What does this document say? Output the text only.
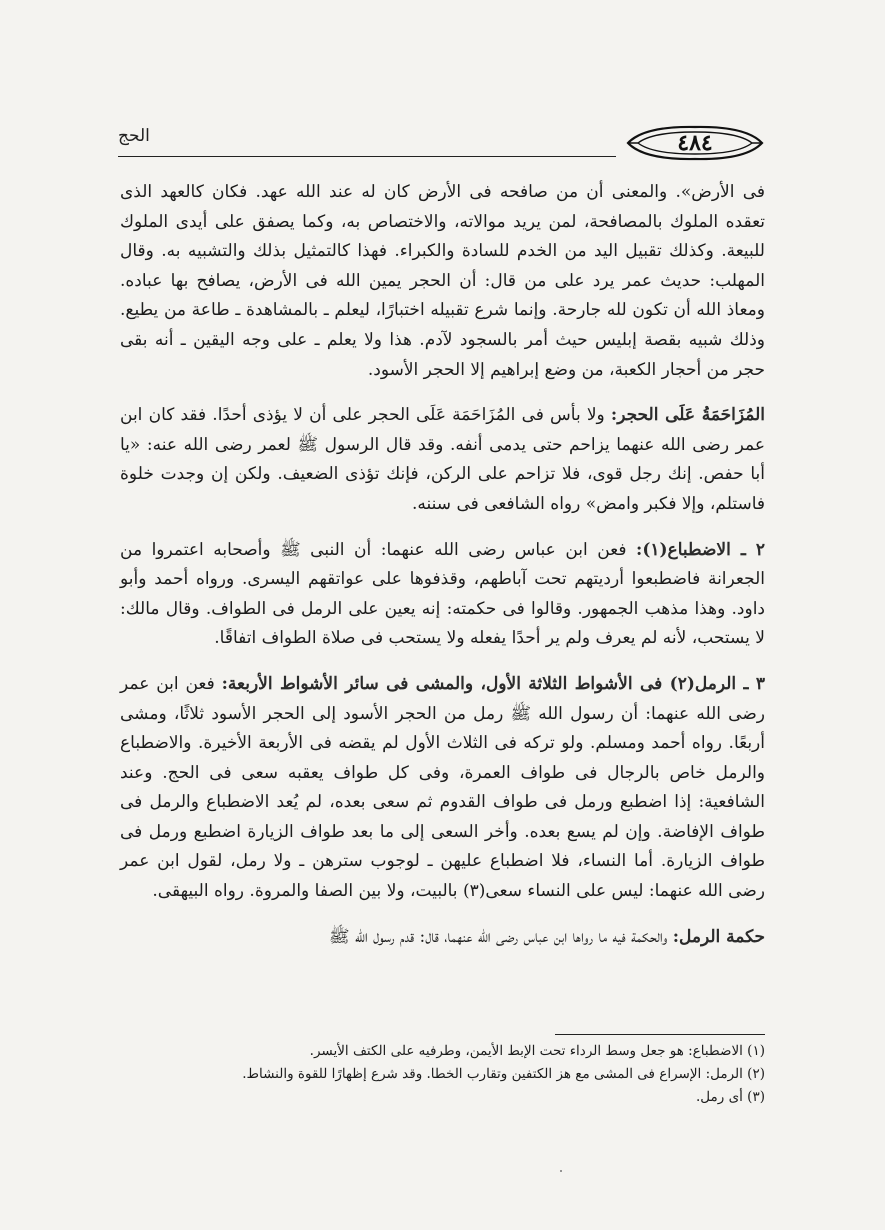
الحج	٤٨٤

فى الأرض». والمعنى أن من صافحه فى الأرض كان له عند الله عهد. فكان كالعهد الذى تعقده الملوك بالمصافحة، لمن يريد موالاته، والاختصاص به، وكما يصفق على أيدى الملوك للبيعة. وكذلك تقبيل اليد من الخدم للسادة والكبراء. فهذا كالتمثيل بذلك والتشبيه به. وقال المهلب: حديث عمر يرد على من قال: أن الحجر يمين الله فى الأرض، يصافح بها عباده. ومعاذ الله أن تكون لله جارحة. وإنما شرع تقبيله اختبارًا، ليعلم ـ بالمشاهدة ـ طاعة من يطيع. وذلك شبيه بقصة إبليس حيث أمر بالسجود لآدم. هذا ولا يعلم ـ على وجه اليقين ـ أنه بقى حجر من أحجار الكعبة، من وضع إبراهيم إلا الحجر الأسود.

المُزَاحَمَةُ عَلَى الحجر: ولا بأس فى المُزَاحَمَة عَلَى الحجر على أن لا يؤذى أحدًا. فقد كان ابن عمر رضى الله عنهما يزاحم حتى يدمى أنفه. وقد قال الرسول ﷺ لعمر رضى الله عنه: «يا أبا حفص. إنك رجل قوى، فلا تزاحم على الركن، فإنك تؤذى الضعيف. ولكن إن وجدت خلوة فاستلم، وإلا فكبر وامض» رواه الشافعى فى سننه.

٢ ـ الاضطباع(١): فعن ابن عباس رضى الله عنهما: أن النبى ﷺ وأصحابه اعتمروا من الجعرانة فاضطبعوا أرديتهم تحت آباطهم، وقذفوها على عواتقهم اليسرى. ورواه أحمد وأبو داود. وهذا مذهب الجمهور. وقالوا فى حكمته: إنه يعين على الرمل فى الطواف. وقال مالك: لا يستحب، لأنه لم يعرف ولم ير أحدًا يفعله ولا يستحب فى صلاة الطواف اتفاقًا.

٣ ـ الرمل(٢) فى الأشواط الثلاثة الأول، والمشى فى سائر الأشواط الأربعة: فعن ابن عمر رضى الله عنهما: أن رسول الله ﷺ رمل من الحجر الأسود إلى الحجر الأسود ثلاثًا، ومشى أربعًا. رواه أحمد ومسلم. ولو تركه فى الثلاث الأول لم يقضه فى الأربعة الأخيرة. والاضطباع والرمل خاص بالرجال فى طواف العمرة، وفى كل طواف يعقبه سعى فى الحج. وعند الشافعية: إذا اضطبع ورمل فى طواف القدوم ثم سعى بعده، لم يُعد الاضطباع والرمل فى طواف الإفاضة. وإن لم يسع بعده. وأخر السعى إلى ما بعد طواف الزيارة اضطبع ورمل فى طواف الزيارة. أما النساء، فلا اضطباع عليهن ـ لوجوب سترهن ـ ولا رمل، لقول ابن عمر رضى الله عنهما: ليس على النساء سعى(٣) بالبيت، ولا بين الصفا والمروة. رواه البيهقى.

حكمة الرمل: والحكمة فيه ما رواها ابن عباس رضى الله عنهما، قال: قدم رسول الله ﷺ

(١) الاضطباع: هو جعل وسط الرداء تحت الإبط الأيمن، وطرفيه على الكتف الأيسر.

(٢) الرمل: الإسراع فى المشى مع هز الكتفين وتقارب الخطا. وقد شرع إظهارًا للقوة والنشاط.

(٣) أى رمل.
